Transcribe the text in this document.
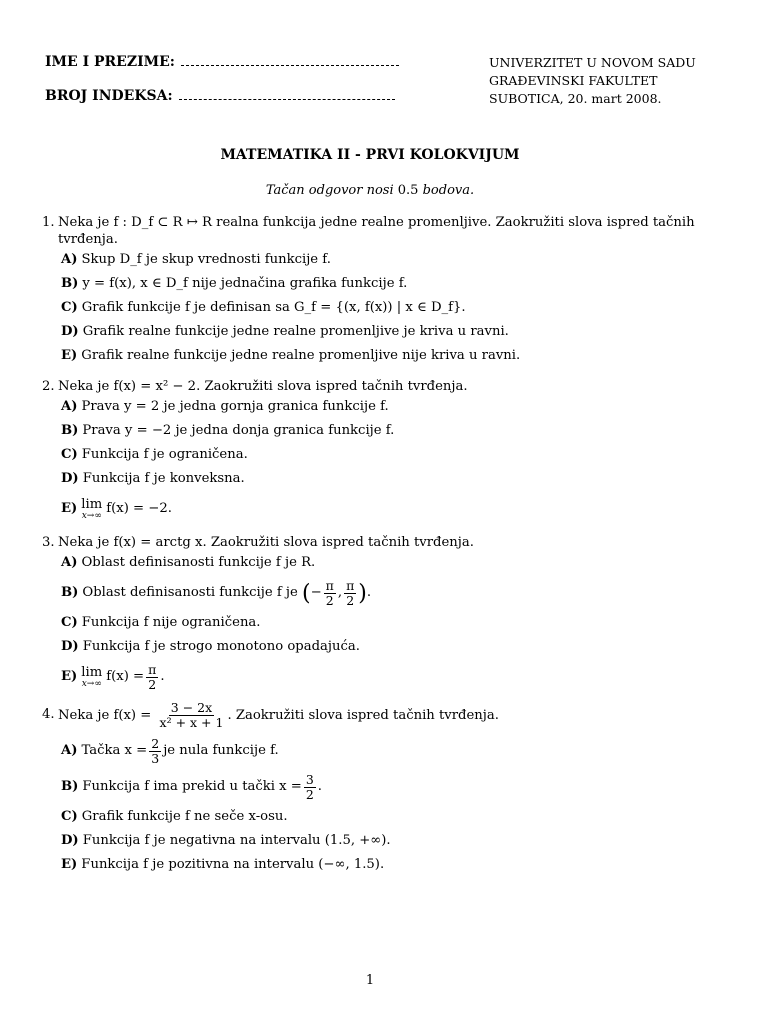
IME I PREZIME:
BROJ INDEKSA:
UNIVERZITET U NOVOM SADU
GRAĐEVINSKI FAKULTET
SUBOTICA, 20. mart 2008.
MATEMATIKA II - PRVI KOLOKVIJUM
Tačan odgovor nosi 0.5 bodova.
1. Neka je f : D_f ⊂ R ↦ R realna funkcija jedne realne promenljive. Zaokružiti slova ispred tačnih tvrđenja.
A) Skup D_f je skup vrednosti funkcije f.
B) y = f(x), x ∈ D_f nije jednačina grafika funkcije f.
C) Grafik funkcije f je definisan sa G_f = {(x, f(x)) | x ∈ D_f}.
D) Grafik realne funkcije jedne realne promenljive je kriva u ravni.
E) Grafik realne funkcije jedne realne promenljive nije kriva u ravni.
2. Neka je f(x) = x² − 2. Zaokružiti slova ispred tačnih tvrđenja.
A) Prava y = 2 je jedna gornja granica funkcije f.
B) Prava y = −2 je jedna donja granica funkcije f.
C) Funkcija f je ograničena.
D) Funkcija f je konveksna.
E) lim
x→∞ f(x) = −2.
3. Neka je f(x) = arctg x. Zaokružiti slova ispred tačnih tvrđenja.
A) Oblast definisanosti funkcije f je R.
B) Oblast definisanosti funkcije f je
( − $\frac{\pi}{2}$ , $\frac{\pi}{2}$ ) .
C) Funkcija f nije ograničena.
D) Funkcija f je strogo monotono opadajuća.
E) lim
x→∞ $f(x) = \frac{\pi}{2}$ .
4. Neka je $f(x) = \frac{3 - 2x}{\text{x² + x + 1}}$ . Zaokružiti slova ispred tačnih tvrđenja.
A) Tačka $x = \frac{2}{3}$ je nula funkcije f.
B) Funkcija f ima prekid u tački $x = \frac{3}{2}$ .
C) Grafik funkcije f ne seče x-osu.
D) Funkcija f je negativna na intervalu (1.5, +∞).
E) Funkcija f je pozitivna na intervalu (−∞, 1.5).
1
